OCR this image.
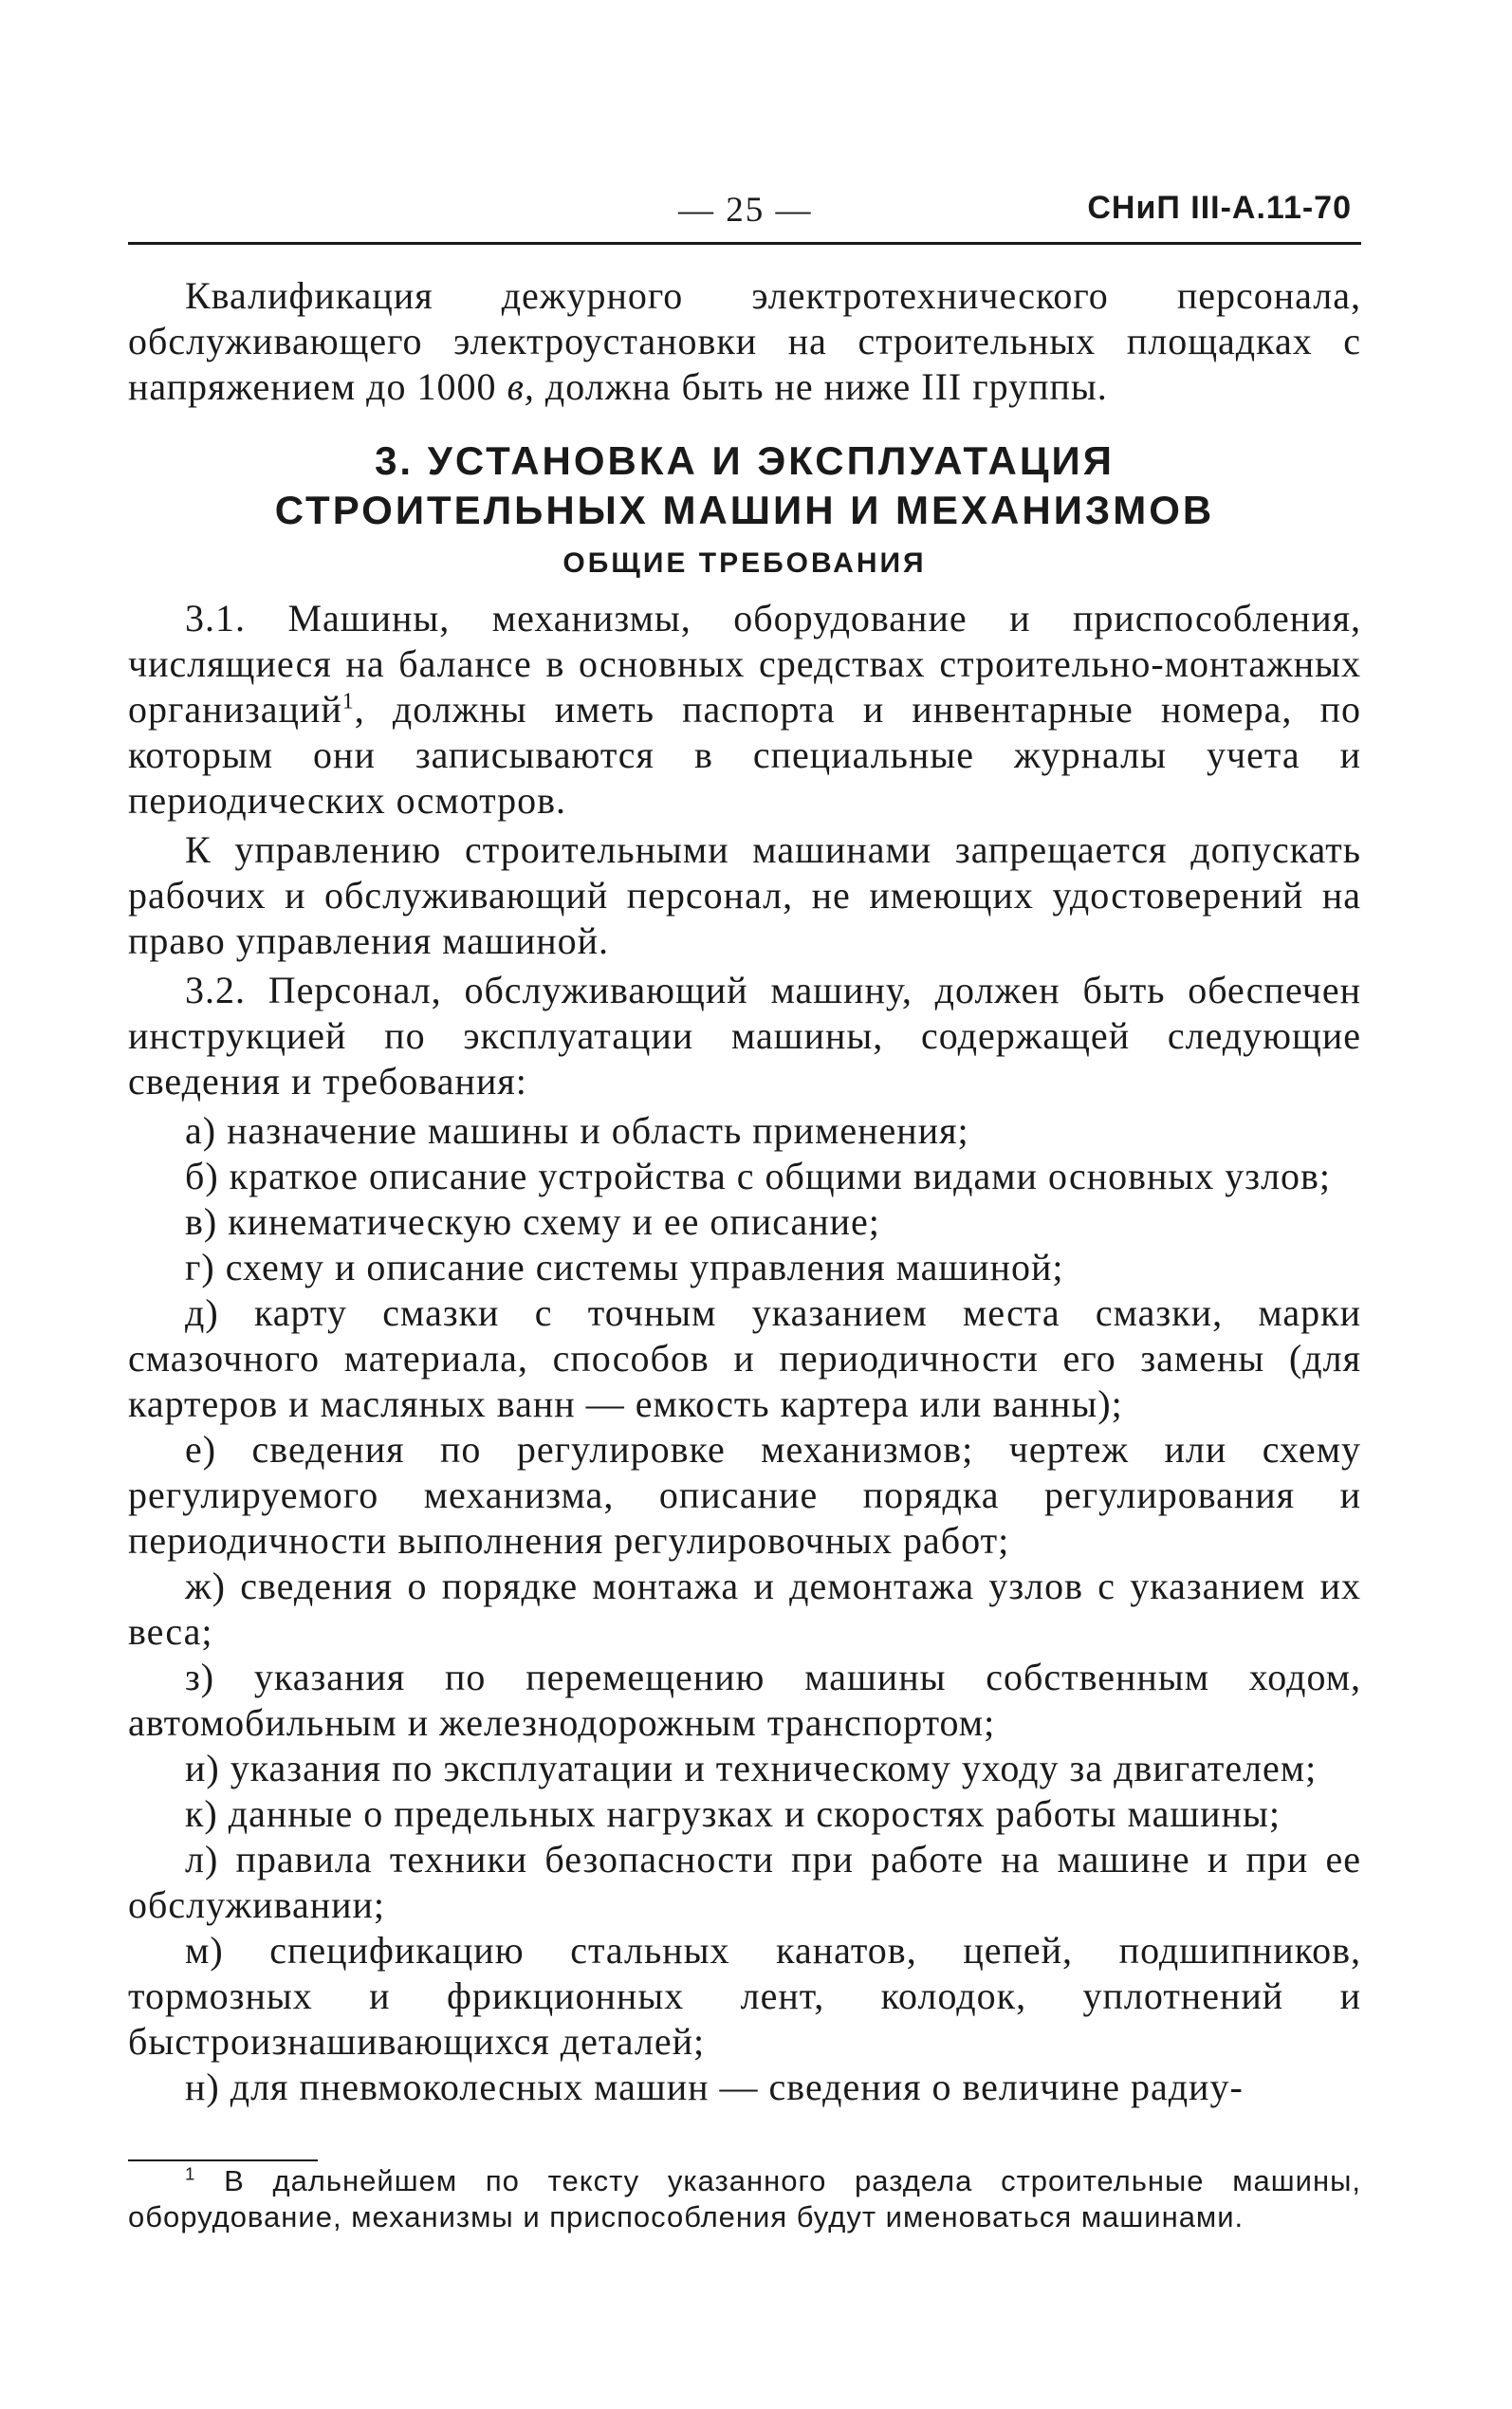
— 25 —	СНиП III-А.11-70

Квалификация дежурного электротехнического персонала, обслуживающего электроустановки на строительных площадках с напряжением до 1000 в, должна быть не ниже III группы.

3. УСТАНОВКА И ЭКСПЛУАТАЦИЯ
СТРОИТЕЛЬНЫХ МАШИН И МЕХАНИЗМОВ
ОБЩИЕ ТРЕБОВАНИЯ

3.1. Машины, механизмы, оборудование и приспособления, числящиеся на балансе в основных средствах строительно-монтажных организаций$^1$, должны иметь паспорта и инвентарные номера, по которым они записываются в специальные журналы учета и периодических осмотров.

К управлению строительными машинами запрещается допускать рабочих и обслуживающий персонал, не имеющих удостоверений на право управления машиной.

3.2. Персонал, обслуживающий машину, должен быть обеспечен инструкцией по эксплуатации машины, содержащей следующие сведения и требования:

а) назначение машины и область применения;

б) краткое описание устройства с общими видами основных узлов;

в) кинематическую схему и ее описание;

г) схему и описание системы управления машиной;

д) карту смазки с точным указанием места смазки, марки смазочного материала, способов и периодичности его замены (для картеров и масляных ванн — емкость картера или ванны);

е) сведения по регулировке механизмов; чертеж или схему регулируемого механизма, описание порядка регулирования и периодичности выполнения регулировочных работ;

ж) сведения о порядке монтажа и демонтажа узлов с указанием их веса;

з) указания по перемещению машины собственным ходом, автомобильным и железнодорожным транспортом;

и) указания по эксплуатации и техническому уходу за двигателем;

к) данные о предельных нагрузках и скоростях работы машины;

л) правила техники безопасности при работе на машине и при ее обслуживании;

м) спецификацию стальных канатов, цепей, подшипников, тормозных и фрикционных лент, колодок, уплотнений и быстроизнашивающихся деталей;

н) для пневмоколесных машин — сведения о величине радиу-

$^1$ В дальнейшем по тексту указанного раздела строительные машины, оборудование, механизмы и приспособления будут именоваться машинами.
